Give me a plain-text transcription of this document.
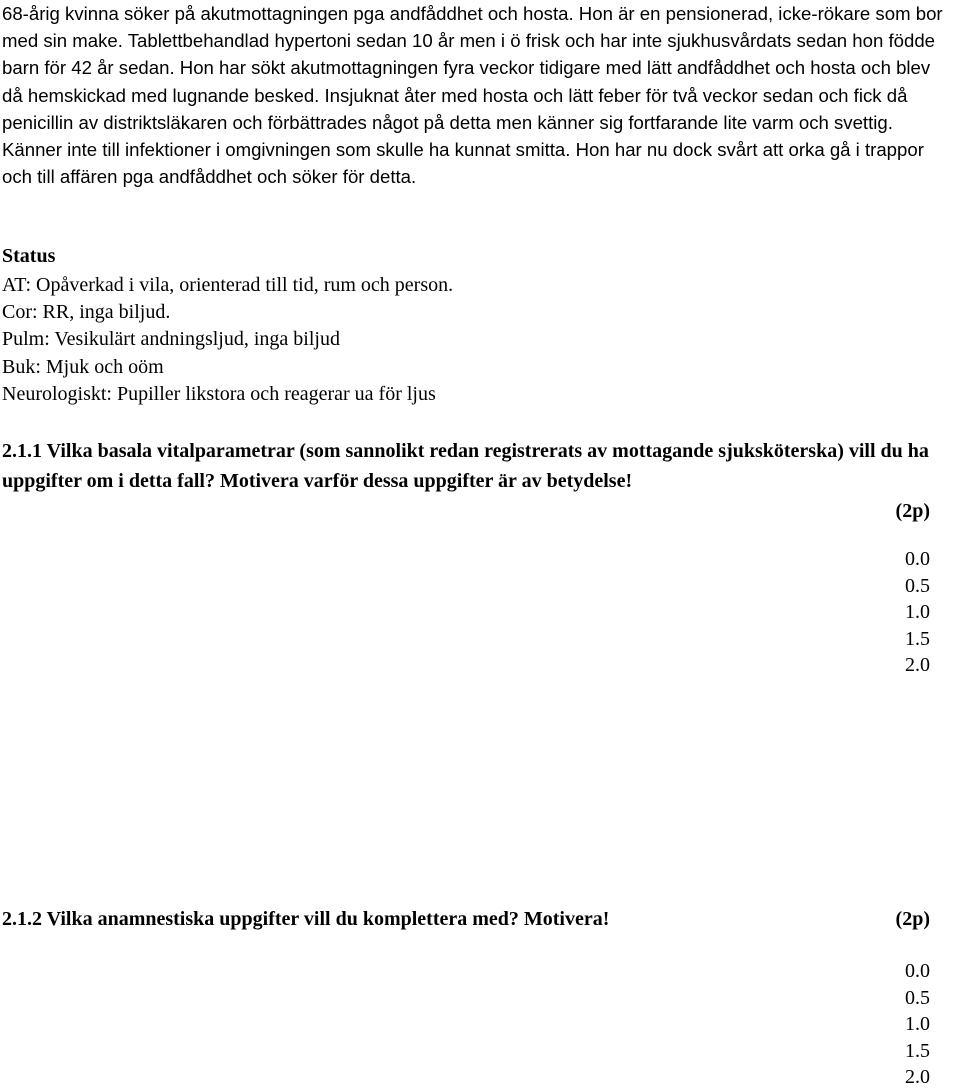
68-årig kvinna söker på akutmottagningen pga andfåddhet och hosta. Hon är en pensionerad, icke-rökare som bor med sin make. Tablettbehandlad hypertoni sedan 10 år men i ö frisk och har inte sjukhusvårdats sedan hon födde barn för 42 år sedan. Hon har sökt akutmottagningen fyra veckor tidigare med lätt andfåddhet och hosta och blev då hemskickad med lugnande besked. Insjuknat åter med hosta och lätt feber för två veckor sedan och fick då penicillin av distriktsläkaren och förbättrades något på detta men känner sig fortfarande lite varm och svettig. Känner inte till infektioner i omgivningen som skulle ha kunnat smitta. Hon har nu dock svårt att orka gå i trappor och till affären pga andfåddhet och söker för detta.

Status

AT: Opåverkad i vila, orienterad till tid, rum och person.
Cor: RR, inga biljud.
Pulm: Vesikulärt andningsljud, inga biljud
Buk: Mjuk och oöm
Neurologiskt: Pupiller likstora och reagerar ua för ljus

2.1.1 Vilka basala vitalparametrar (som sannolikt redan registrerats av mottagande sjuksköterska) vill du ha uppgifter om i detta fall? Motivera varför dessa uppgifter är av betydelse!

(2p)
0.0
0.5
1.0
1.5
2.0

2.1.2 Vilka anamnestiska uppgifter vill du komplettera med? Motivera!	(2p)
0.0
0.5
1.0
1.5
2.0
